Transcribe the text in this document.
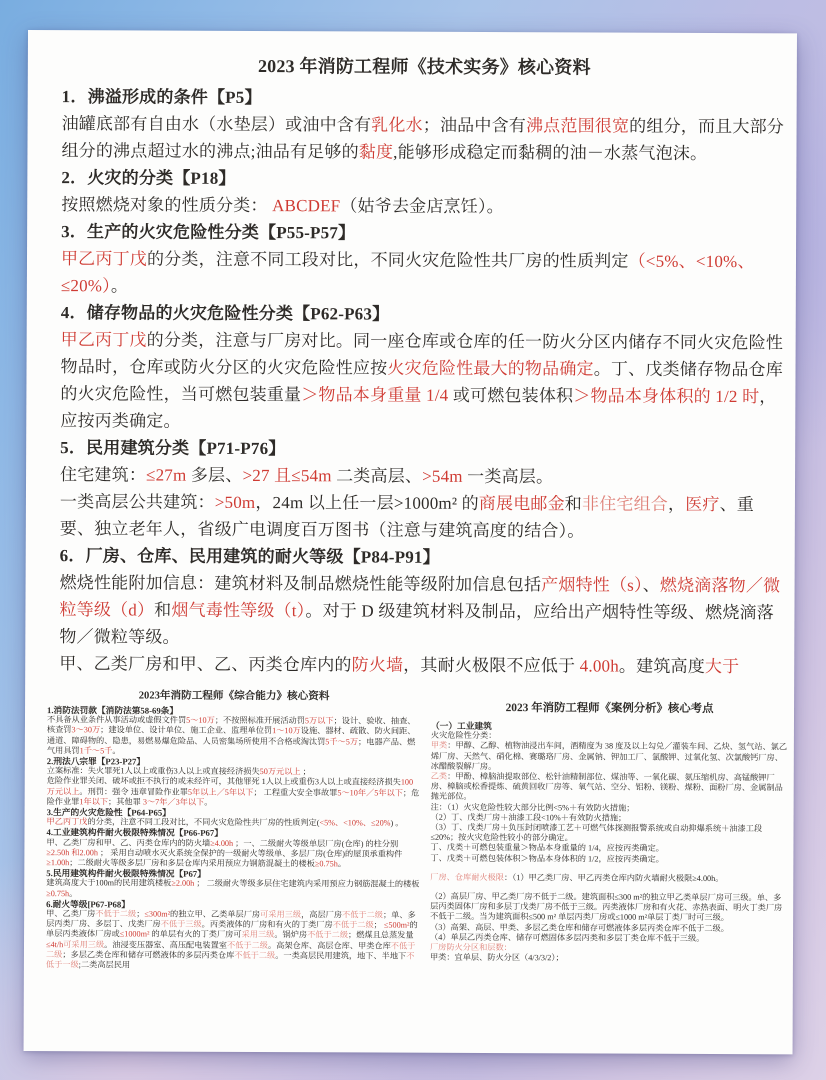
2023 年消防工程师《技术实务》核心资料
1．沸溢形成的条件【P5】
油罐底部有自由水（水垫层）或油中含有乳化水；油品中含有沸点范围很宽的组分，而且大部分组分的沸点超过水的沸点;油品有足够的黏度,能够形成稳定而黏稠的油－水蒸气泡沫。
2．火灾的分类【P18】
按照燃烧对象的性质分类： ABCDEF（姑爷去金店烹饪）。
3．生产的火灾危险性分类【P55-P57】
甲乙丙丁戊的分类，注意不同工段对比，不同火灾危险性共厂房的性质判定（<5%、<10%、≤20%）。
4．储存物品的火灾危险性分类【P62-P63】
甲乙丙丁戊的分类，注意与厂房对比。同一座仓库或仓库的任一防火分区内储存不同火灾危险性物品时，仓库或防火分区的火灾危险性应按火灾危险性最大的物品确定。丁、戊类储存物品仓库的火灾危险性，当可燃包装重量＞物品本身重量 1/4 或可燃包装体积＞物品本身体积的 1/2 时，应按丙类确定。
5．民用建筑分类【P71-P76】
住宅建筑：≤27m 多层、>27 且≤54m 二类高层、>54m 一类高层。
一类高层公共建筑：>50m，24m 以上任一层>1000m² 的商展电邮金和非住宅组合，医疗、重要、独立老年人，省级广电调度百万图书（注意与建筑高度的结合）。
6．厂房、仓库、民用建筑的耐火等级【P84-P91】
燃烧性能附加信息：建筑材料及制品燃烧性能等级附加信息包括产烟特性（s）、燃烧滴落物／微粒等级（d）和烟气毒性等级（t）。对于 D 级建筑材料及制品，应给出产烟特性等级、燃烧滴落物／微粒等级。
甲、乙类厂房和甲、乙、丙类仓库内的防火墙，其耐火极限不应低于 4.00h。建筑高度大于
2023年消防工程师《综合能力》核心资料
1.消防法罚款【消防法第58-69条】
不具备从业条件从事活动或虚假文件罚5～10万；不按照标准开展活动罚5万以下；设计、验收、抽查、核查罚3～30万；建设单位、设计单位、施工企业、监理单位罚1～10万设施、器材、疏散、防火间距、通道、障碍物的、隐患，易燃易爆危险品、人员密集场所使用不合格或淘汰罚5千～5万；电器产品、燃气用具罚1千～5千。
2.刑法八宗罪【P23-P27】
立案标准：失火罪死1人以上或重伤3人以上或直接经济损失50万元以上 ；
危险作业罪关闭、破坏或拒不执行的或未经许可，其他罪死 1人以上或重伤3人以上或直接经济损失100万元以上。刑罚：强令 违章冒险作业罪5年以上／5年以下； 工程重大安全事故罪5～10年／5年以下；危险作业罪1年以下；其他罪 3～7年／3年以下。
3.生产的火灾危险性【P64-P65】
甲乙丙丁戊的分类，注意不同工段对比，不同火灾危险性共厂房的性质判定(<5%、<10%、≤20%) 。
4.工业建筑构件耐火极限特殊情况【P66-P67】
甲、乙类厂房和甲、乙、丙类仓库内的防火墙≥4.00h ；一、二级耐火等级单层厂房(仓库) 的柱分别≥2.50h 和2.00h ； 采用自动喷水灭火系统全保护的一级耐火等级单、多层厂房(仓库)的屋顶承重构件≥1.00h；二级耐火等级多层厂房和多层仓库内采用预应力钢筋混凝土的楼板≥0.75h。
5.民用建筑构件耐火极限特殊情况【P67】
建筑高度大于100m的民用建筑楼板≥2.00h ； 二级耐火等级多层住宅建筑内采用预应力钢筋混凝土的楼板≥0.75h。
6.耐火等级[P67-P68】
甲、乙类厂房不低于二级；≤300m²的独立甲、乙类单层厂房可采用三级，高层厂房不低于二级；单、多层丙类厂房、多层丁、戊类厂房不低于三级。丙类液体的厂房和有火的丁类厂房不低于二级； ≤500m²的单层丙类液体厂房或≤1000m² 的单层有火的丁类厂房可采用三级。锅炉房不低于二级；燃煤且总蒸发量 ≤4t/h可采用三级。油浸变压器室、高压配电装置室不低于二级。高架仓库、高层仓库、甲类仓库不低于二级；多层乙类仓库和储存可燃液体的多层丙类仓库不低于二级。一类高层民用建筑，地下、半地下不低于一级;二类高层民用
2023 年消防工程师《案例分析》核心考点
（一）工业建筑
火灾危险性分类：
甲类：甲醇、乙醇、植物油浸出车间，酒精度为 38 度及以上勾兑／灌装车间、乙炔、氢气站、氯乙烯厂房、天然气、硝化棉、赛璐珞厂房、金属钠、钾加工厂、氯酸钾、过氧化氢、次氯酸钙厂房、冰醋酸裂解厂房。
乙类：甲酚、樟脑油提取部位、松针油精制部位、煤油等、一氧化碳、氨压缩机房、高锰酸钾厂房、樟脑或松香提炼、硫黄回收厂房等、氧气站、空分、铝粉、镁粉、煤粉、面粉厂房、金属制品抛光部位。
注：（1）火灾危险性较大部分比例<5%＋有效防火措施；
（2）丁、戊类厂房＋油漆工段<10%＋有效防火措施；
（3）丁、戊类厂房＋负压封闭喷漆工艺＋可燃气体探测报警系统或自动抑爆系统＋油漆工段≤20%；按火灾危险性较小的部分确定。
丁、戊类＋可燃包装重量＞物品本身重量的 1/4，应按丙类确定。
丁、戊类＋可燃包装体积＞物品本身体积的 1/2，应按丙类确定。
厂房、仓库耐火极限：（1）甲乙类厂房、甲乙丙类仓库内防火墙耐火极限≥4.00h。
（2）高层厂房、甲乙类厂房不低于二级。建筑面积≤300 m²的独立甲乙类单层厂房可三级。单、多层丙类固体厂房和多层丁戊类厂房不低于三级。丙类液体厂房和有火花、赤热表面、明火丁类厂房不低于二级。当为建筑面积≤500 m² 单层丙类厂房或≤1000 m²单层丁类厂时可三级。
（3）高架、高层、甲类、多层乙类仓库和储存可燃液体多层丙类仓库不低于二级。
（4）单层乙丙类仓库、储存可燃固体多层丙类和多层丁类仓库不低于三级。
厂房防火分区和层数：
甲类：宜单层、防火分区（4/3/3/2）；
